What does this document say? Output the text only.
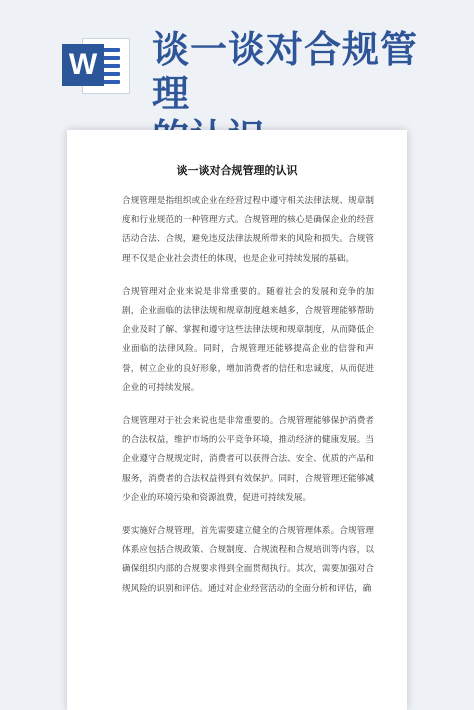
W 谈一谈对合规管理

谈一谈对合规管理的认识

合规管理是指组织或企业在经营过程中遵守相关法律法规、规章制度和行业规范的一种管理方式。合规管理的核心是确保企业的经营活动合法、合规，避免违反法律法规所带来的风险和损失。合规管理不仅是企业社会责任的体现，也是企业可持续发展的基础。

合规管理对企业来说是非常重要的。随着社会的发展和竞争的加剧，企业面临的法律法规和规章制度越来越多，合规管理能够帮助企业及时了解、掌握和遵守这些法律法规和规章制度，从而降低企业面临的法律风险。同时，合规管理还能够提高企业的信誉和声誉，树立企业的良好形象，增加消费者的信任和忠诚度，从而促进企业的可持续发展。

合规管理对于社会来说也是非常重要的。合规管理能够保护消费者的合法权益，维护市场的公平竞争环境，推动经济的健康发展。当企业遵守合规规定时，消费者可以获得合法、安全、优质的产品和服务，消费者的合法权益得到有效保护。同时，合规管理还能够减少企业的环境污染和资源浪费，促进可持续发展。

要实施好合规管理，首先需要建立健全的合规管理体系。合规管理体系应包括合规政策、合规制度、合规流程和合规培训等内容，以确保组织内部的合规要求得到全面贯彻执行。其次，需要加强对合规风险的识别和评估。通过对企业经营活动的全面分析和评估，确
